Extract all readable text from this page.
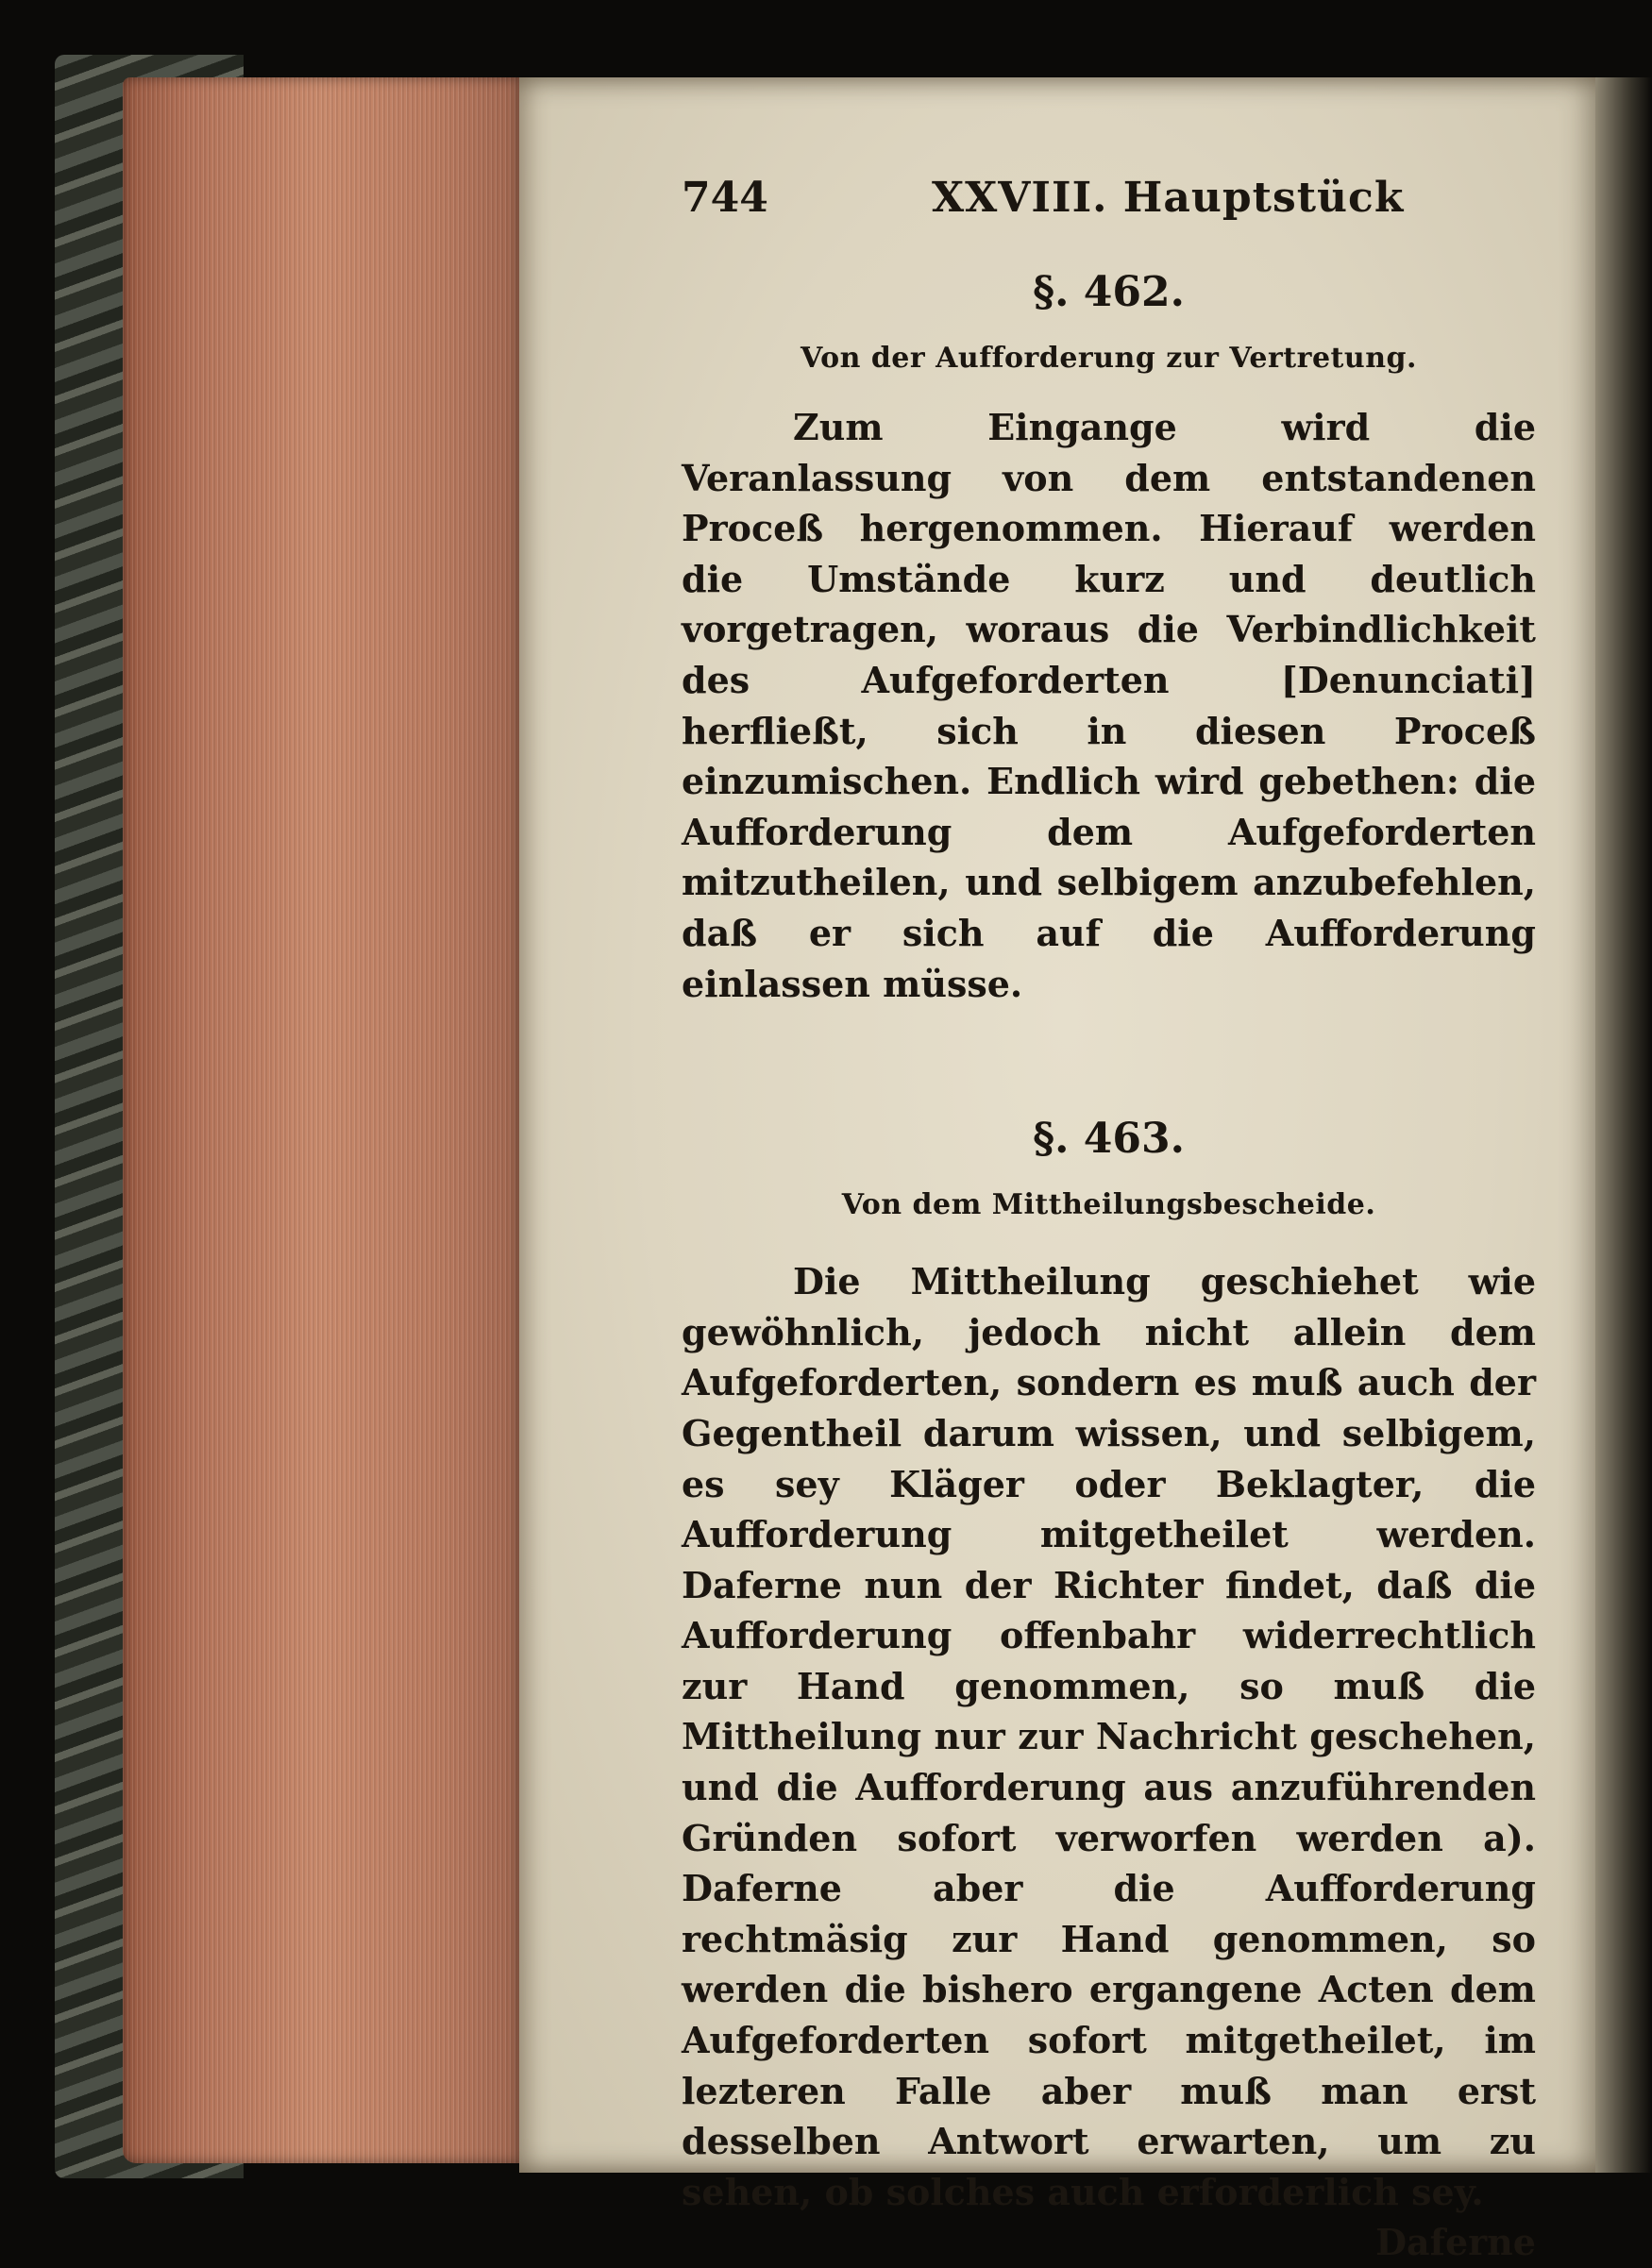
744	XXVIII. Hauptstück
§. 462.
Von der Aufforderung zur Vertretung.

Zum Eingange wird die Veranlassung von dem entstandenen Proceß hergenommen. Hierauf werden die Umstände kurz und deutlich vorgetragen, woraus die Verbindlichkeit des Aufgeforderten [Denunciati] herfließt, sich in diesen Proceß einzumischen. Endlich wird gebethen: die Aufforderung dem Aufgeforderten mitzutheilen, und selbigem anzubefehlen, daß er sich auf die Aufforderung einlassen müsse.

§. 463.
Von dem Mittheilungsbescheide.

Die Mittheilung geschiehet wie gewöhnlich, jedoch nicht allein dem Aufgeforderten, sondern es muß auch der Gegentheil darum wissen, und selbigem, es sey Kläger oder Beklagter, die Aufforderung mitgetheilet werden. Daferne nun der Richter findet, daß die Aufforderung offenbahr widerrechtlich zur Hand genommen, so muß die Mittheilung nur zur Nachricht geschehen, und die Aufforderung aus anzuführenden Gründen sofort verworfen werden a). Daferne aber die Aufforderung rechtmäsig zur Hand genommen, so werden die bishero ergangene Acten dem Aufgeforderten sofort mitgetheilet, im lezteren Falle aber muß man erst desselben Antwort erwarten, um zu sehen, ob solches auch erforderlich sey.

Daferne
